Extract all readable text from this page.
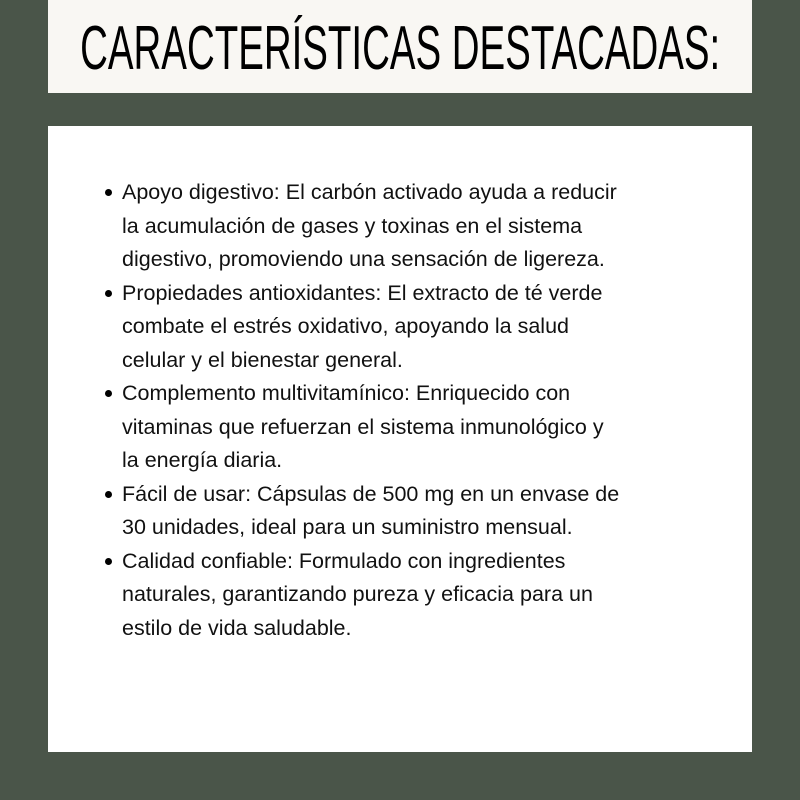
CARACTERÍSTICAS DESTACADAS:
Apoyo digestivo: El carbón activado ayuda a reducir
la acumulación de gases y toxinas en el sistema
digestivo, promoviendo una sensación de ligereza.
Propiedades antioxidantes: El extracto de té verde
combate el estrés oxidativo, apoyando la salud
celular y el bienestar general.
Complemento multivitamínico: Enriquecido con
vitaminas que refuerzan el sistema inmunológico y
la energía diaria.
Fácil de usar: Cápsulas de 500 mg en un envase de
30 unidades, ideal para un suministro mensual.
Calidad confiable: Formulado con ingredientes
naturales, garantizando pureza y eficacia para un
estilo de vida saludable.
